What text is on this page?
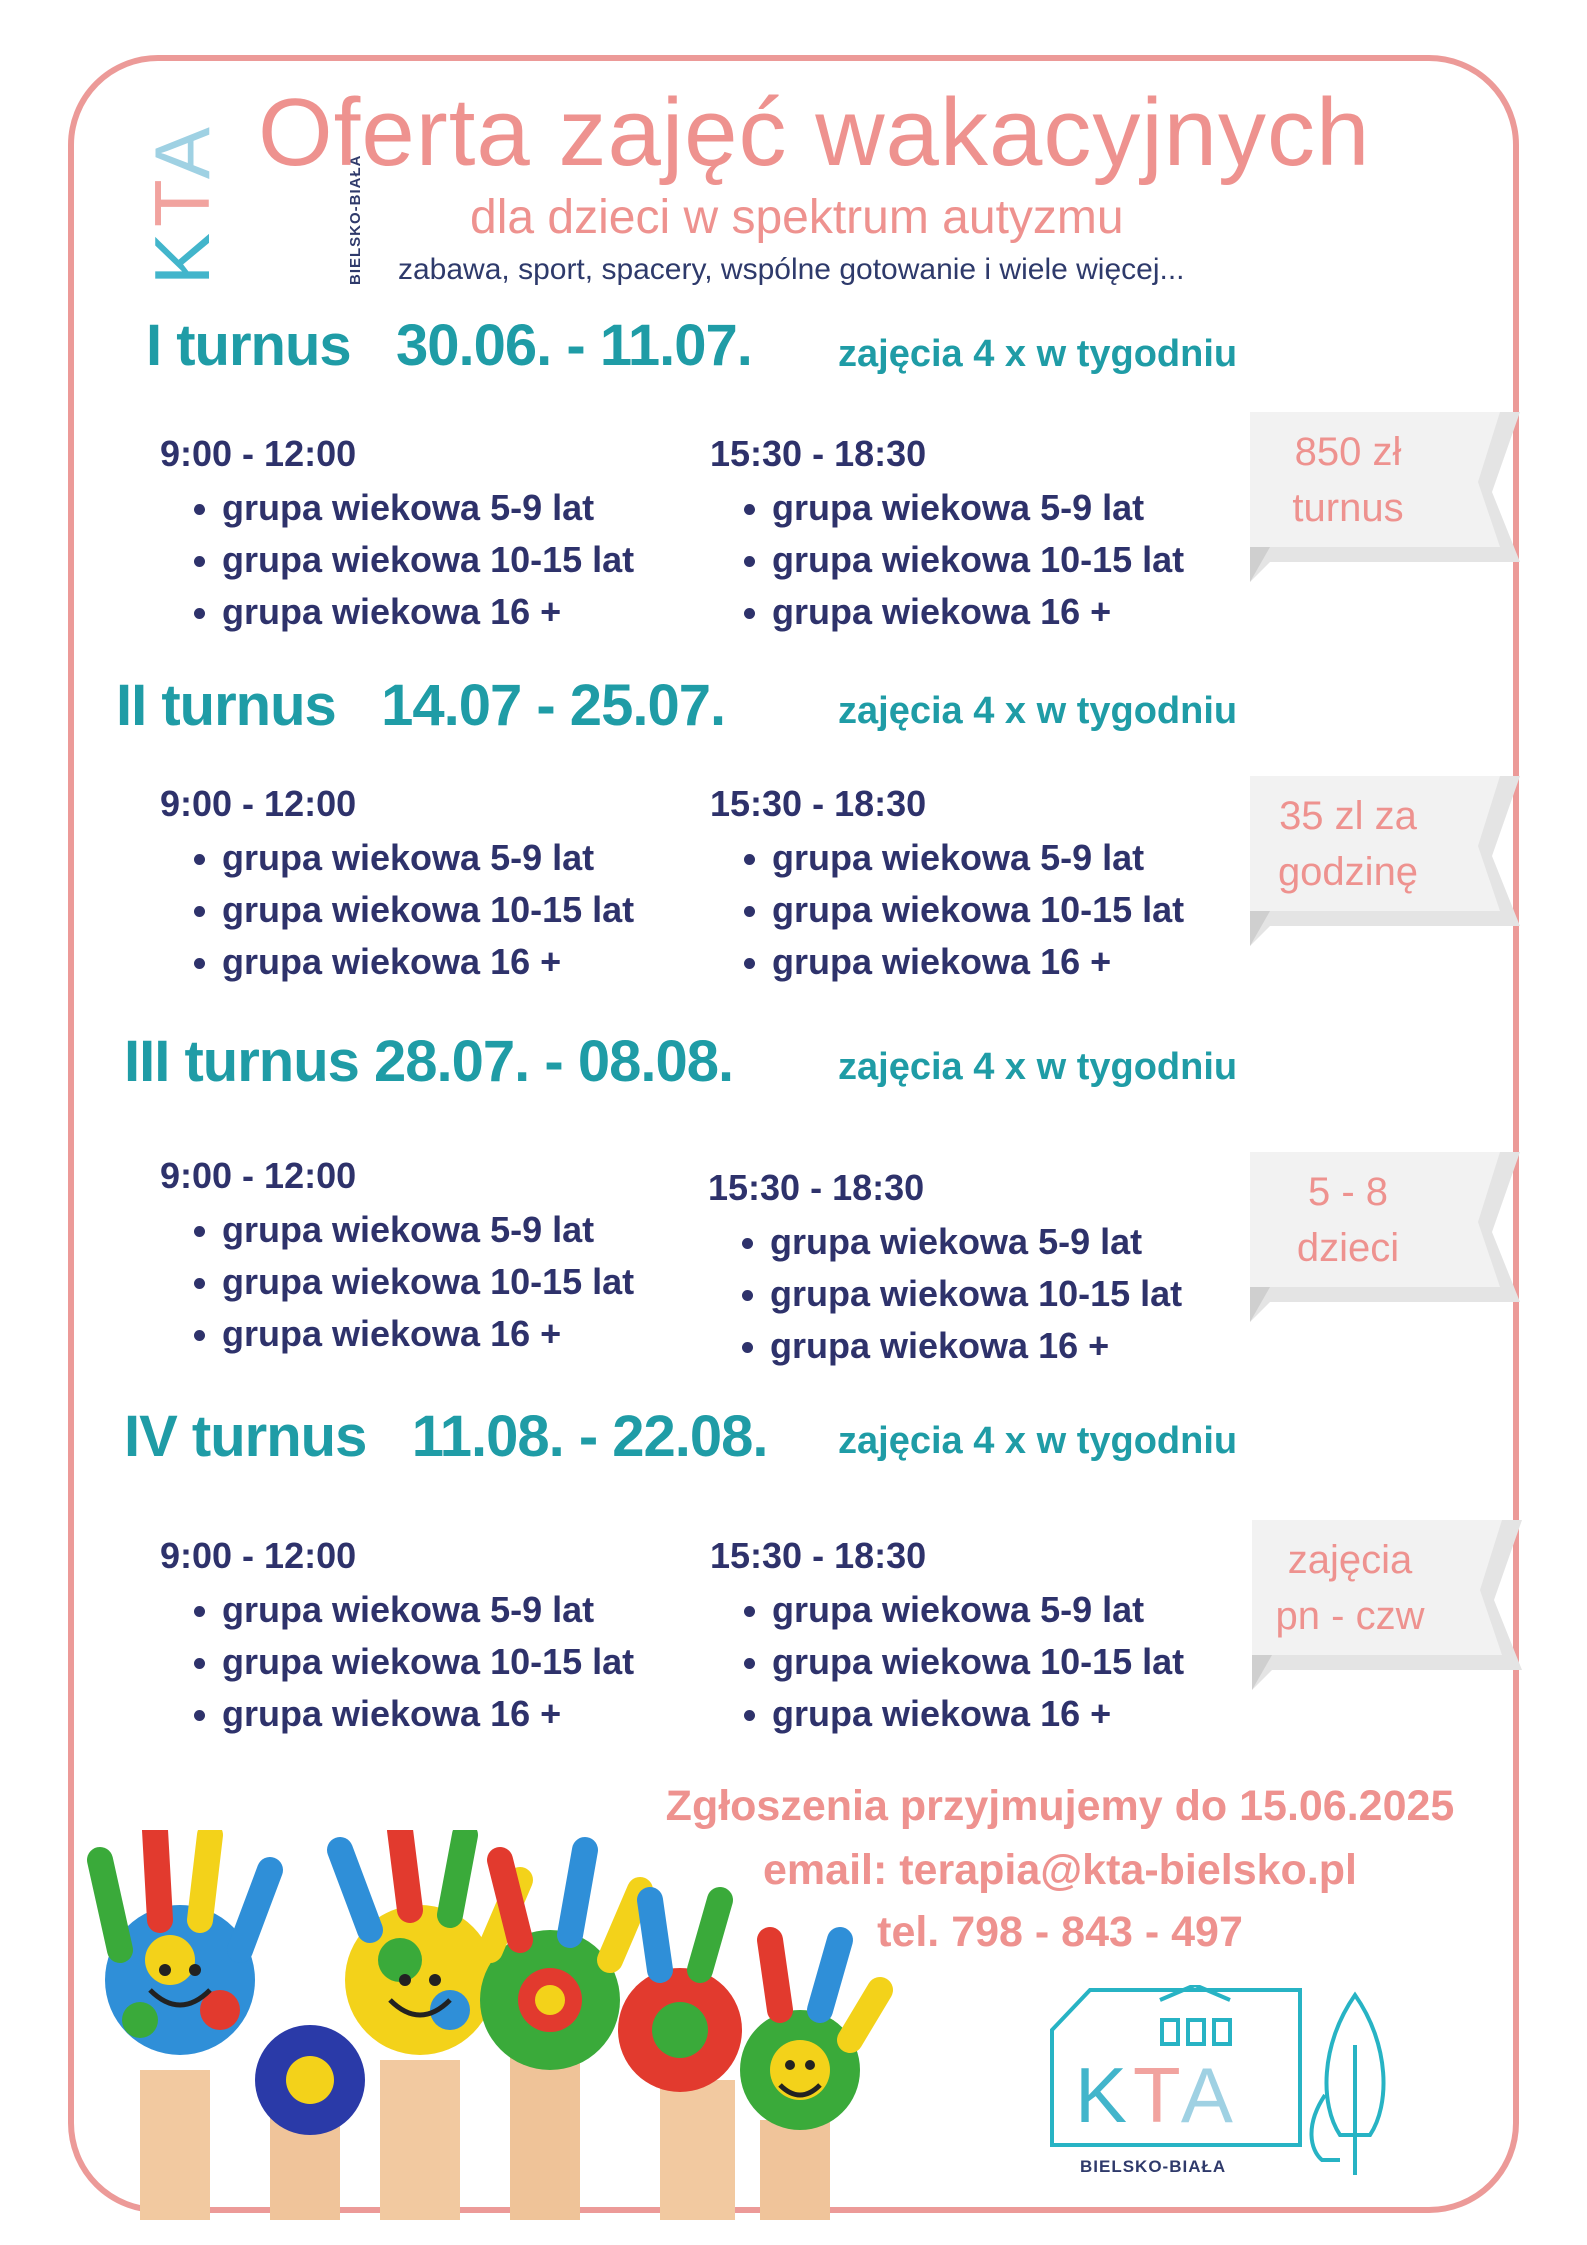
KTA
BIELSKO-BIAŁA
Oferta zajęć wakacyjnych
dla dzieci w spektrum autyzmu
zabawa, sport, spacery, wspólne gotowanie i wiele więcej...
I turnus 30.06. - 11.07. zajęcia 4 x w tygodniu
9:00 - 12:00
grupa wiekowa 5-9 lat
grupa wiekowa 10-15 lat
grupa wiekowa 16 +
15:30 - 18:30
grupa wiekowa 5-9 lat
grupa wiekowa 10-15 lat
grupa wiekowa 16 +
850 zł
turnus
II turnus 14.07 - 25.07.	zajęcia 4 x w tygodniu
9:00 - 12:00
grupa wiekowa 5-9 lat
grupa wiekowa 10-15 lat
grupa wiekowa 16 +
15:30 - 18:30
grupa wiekowa 5-9 lat
grupa wiekowa 10-15 lat
grupa wiekowa 16 +
35 zl za
godzinę
III turnus 28.07. - 08.08.	zajęcia 4 x w tygodniu
9:00 - 12:00
grupa wiekowa 5-9 lat
grupa wiekowa 10-15 lat
grupa wiekowa 16 +
15:30 - 18:30
grupa wiekowa 5-9 lat
grupa wiekowa 10-15 lat
grupa wiekowa 16 +
5 - 8
dzieci
IV turnus 11.08. - 22.08. zajęcia 4 x w tygodniu
9:00 - 12:00
grupa wiekowa 5-9 lat
grupa wiekowa 10-15 lat
grupa wiekowa 16 +
15:30 - 18:30
grupa wiekowa 5-9 lat
grupa wiekowa 10-15 lat
grupa wiekowa 16 +
zajęcia
pn - czw
Zgłoszenia przyjmujemy do 15.06.2025
email: terapia@kta-bielsko.pl
tel. 798 - 843 - 497
KTA
BIELSKO-BIAŁA
